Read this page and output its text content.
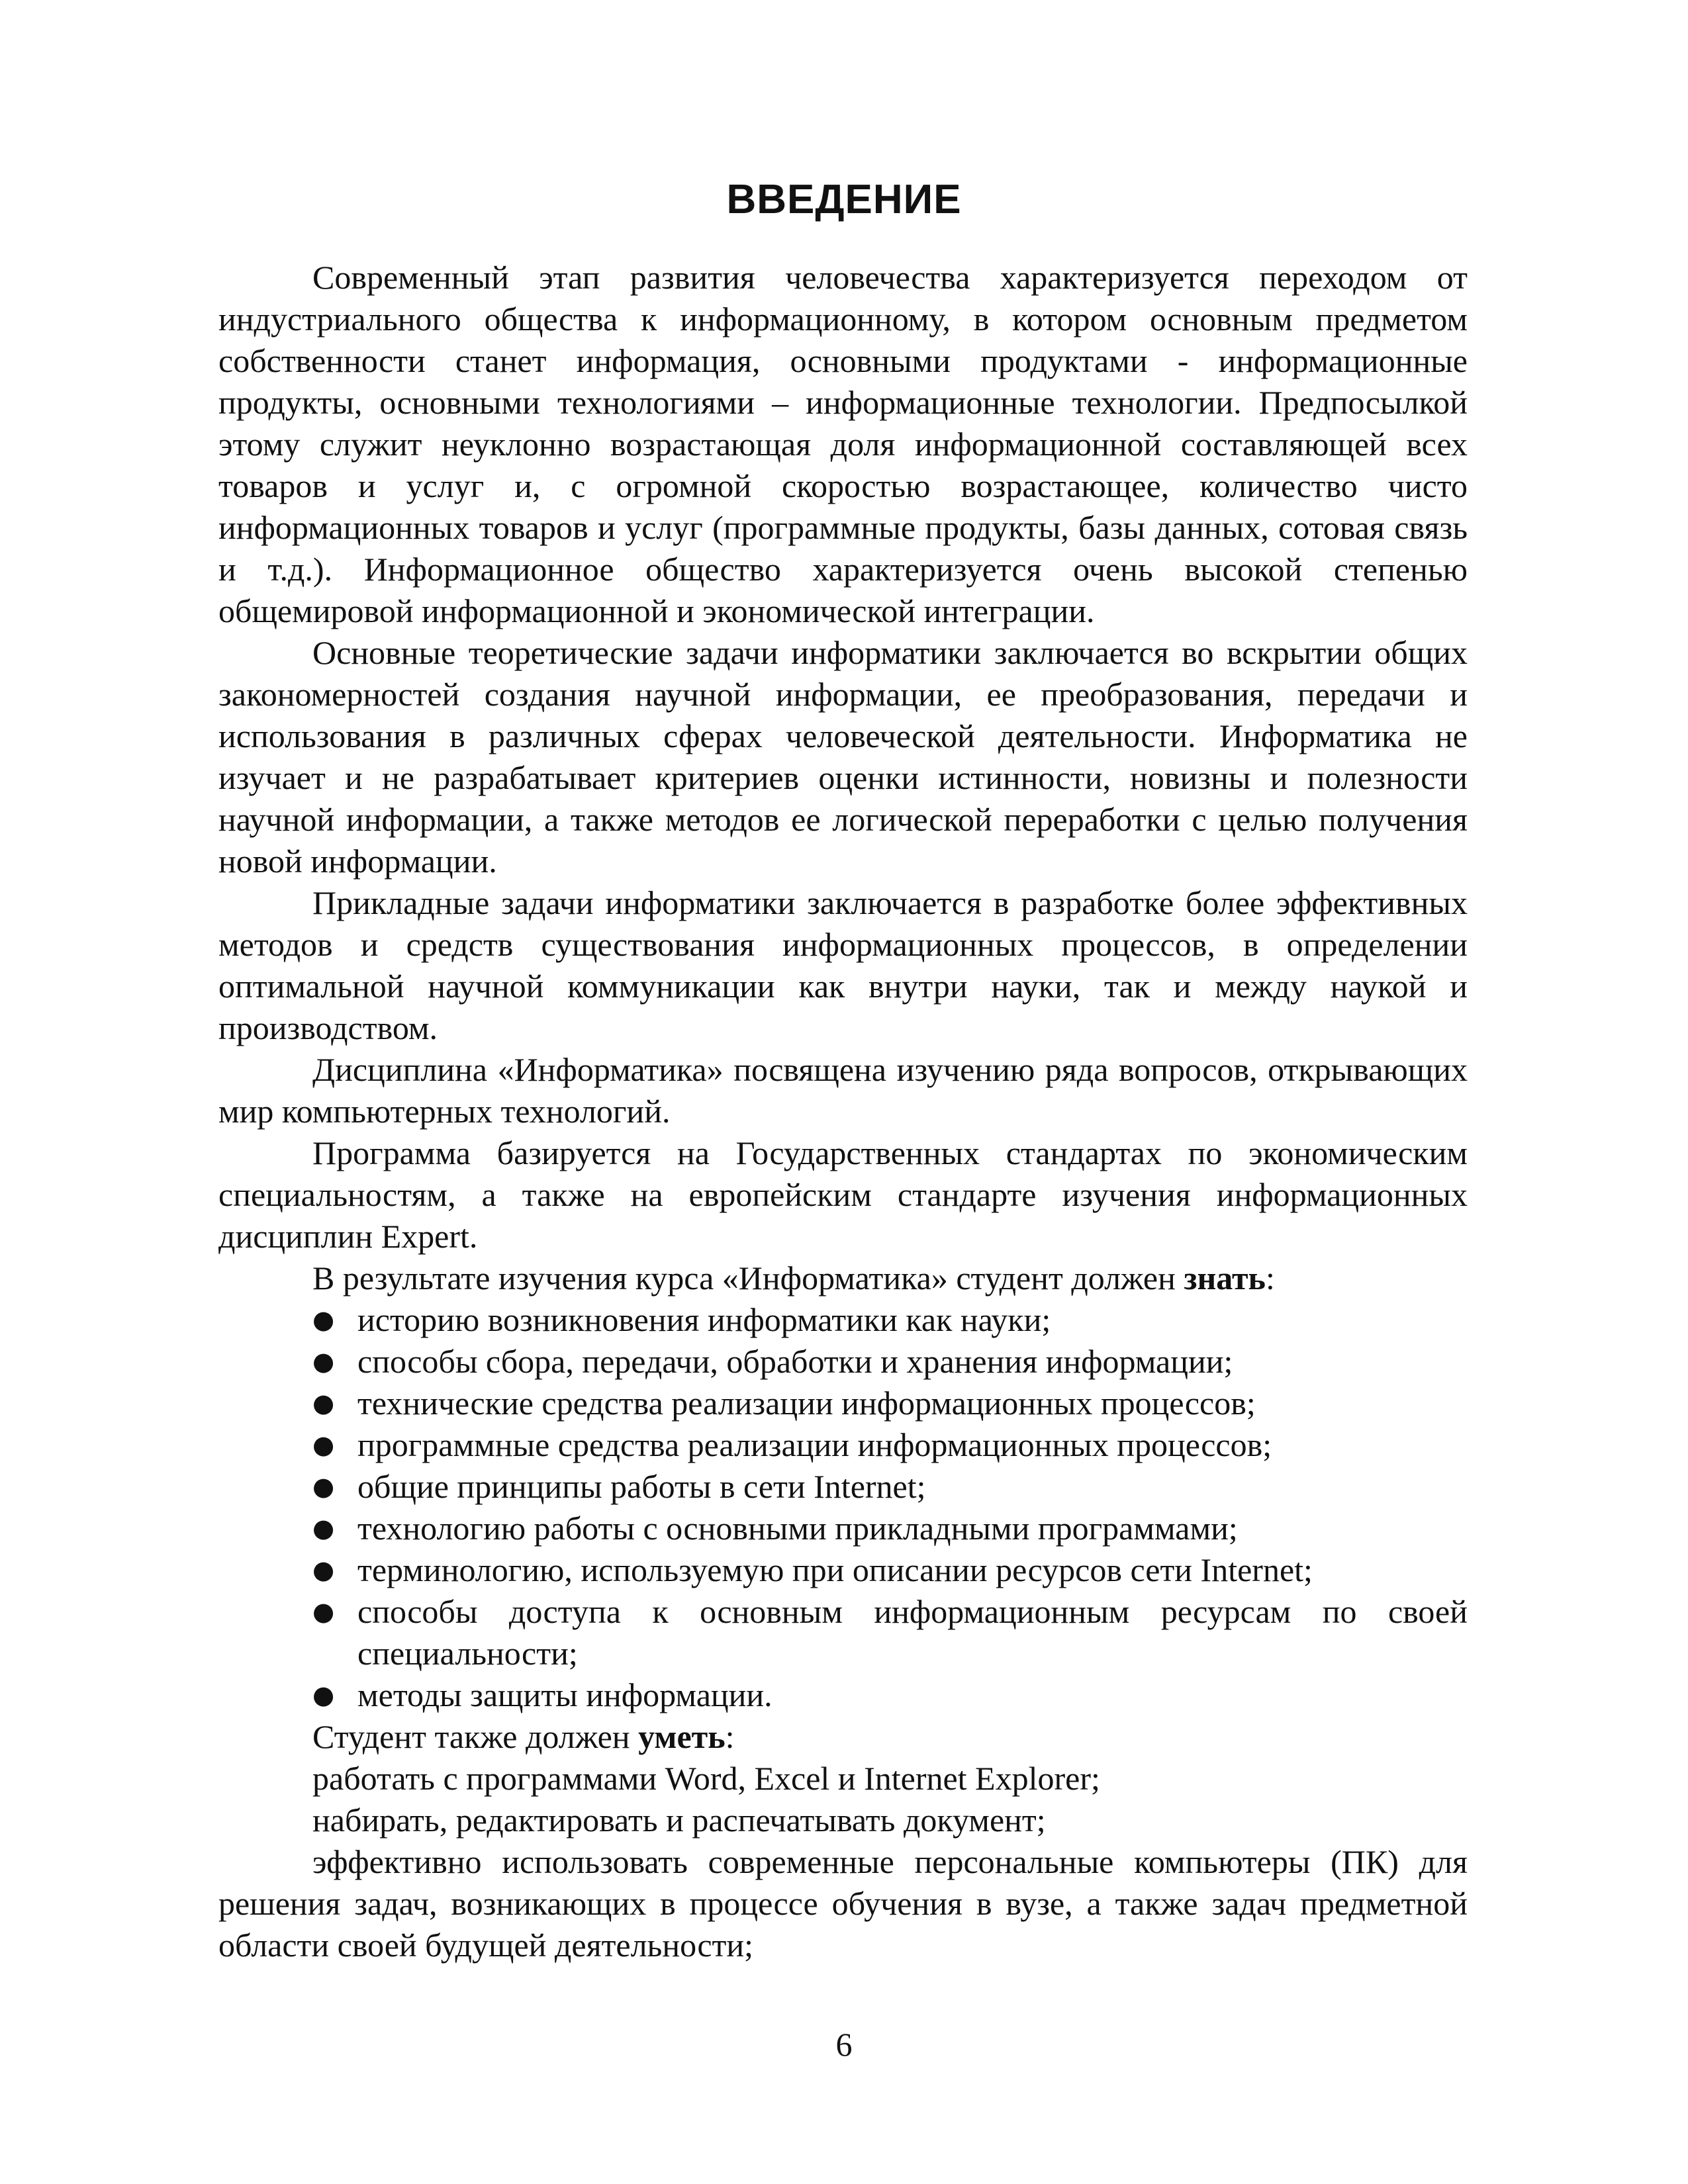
ВВЕДЕНИЕ

Современный этап развития человечества характеризуется переходом от индустриального общества к информационному, в котором основным предметом собственности станет информация, основными продуктами - информационные продукты, основными технологиями – информационные технологии. Предпосылкой этому служит неуклонно возрастающая доля информационной составляющей всех товаров и услуг и, с огромной скоростью возрастающее, количество чисто информационных товаров и услуг (программные продукты, базы данных, сотовая связь и т.д.). Информационное общество характеризуется очень высокой степенью общемировой информационной и экономической интеграции.

Основные теоретические задачи информатики заключается во вскрытии общих закономерностей создания научной информации, ее преобразования, передачи и использования в различных сферах человеческой деятельности. Информатика не изучает и не разрабатывает критериев оценки истинности, новизны и полезности научной информации, а также методов ее логической переработки с целью получения новой информации.

Прикладные задачи информатики заключается в разработке более эффективных методов и средств существования информационных процессов, в определении оптимальной научной коммуникации как внутри науки, так и между наукой и производством.

Дисциплина «Информатика» посвящена изучению ряда вопросов, открывающих мир компьютерных технологий.

Программа базируется на Государственных стандартах по экономическим специальностям, а также на европейским стандарте изучения информационных дисциплин Expert.

В результате изучения курса «Информатика» студент должен знать:

● историю возникновения информатики как науки;
● способы сбора, передачи, обработки и хранения информации;
● технические средства реализации информационных процессов;
● программные средства реализации информационных процессов;
● общие принципы работы в сети Internet;
● технологию работы с основными прикладными программами;
● терминологию, используемую при описании ресурсов сети Internet;
● способы доступа к основным информационным ресурсам по своей специальности;
● методы защиты информации.
Студент также должен уметь:
работать с программами Word, Excel и Internet Explorer;
набирать, редактировать и распечатывать документ;

эффективно использовать современные персональные компьютеры (ПК) для решения задач, возникающих в процессе обучения в вузе, а также задач предметной области своей будущей деятельности;

6
